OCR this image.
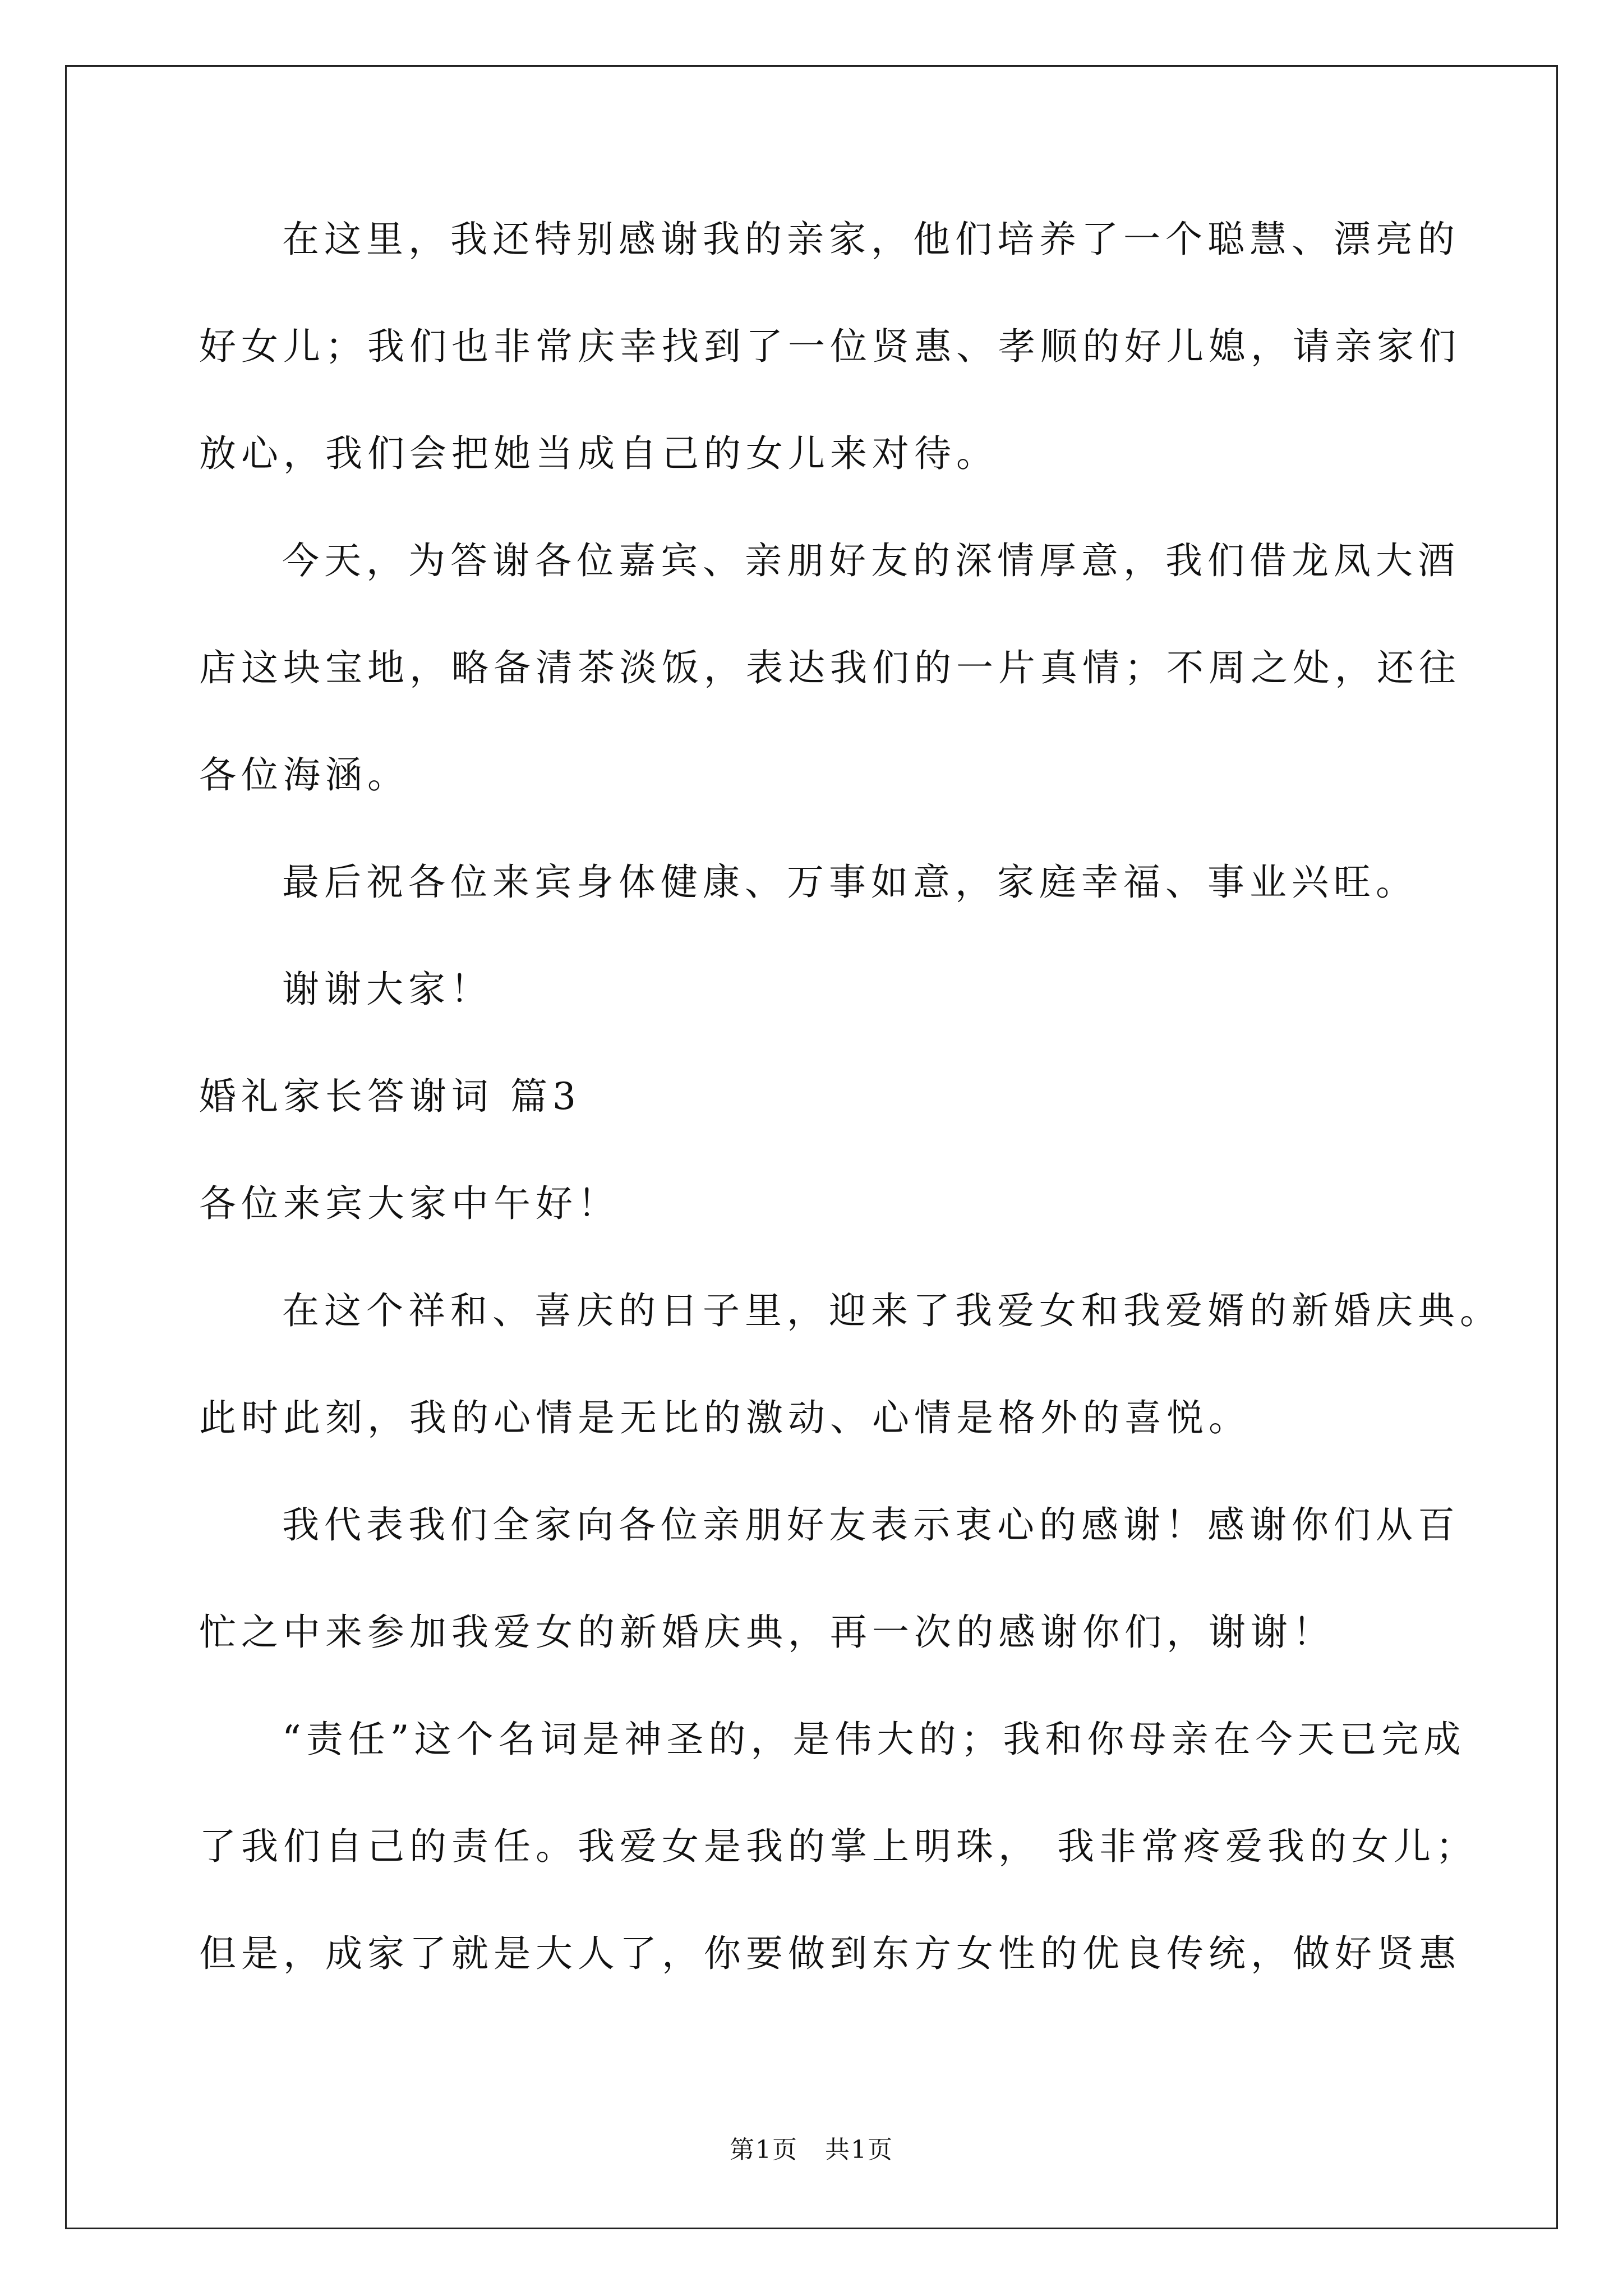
在这里，我还特别感谢我的亲家，他们培养了一个聪慧、漂亮的
好女儿；我们也非常庆幸找到了一位贤惠、孝顺的好儿媳，请亲家们
放心，我们会把她当成自己的女儿来对待。
今天，为答谢各位嘉宾、亲朋好友的深情厚意，我们借龙凤大酒
店这块宝地，略备清茶淡饭，表达我们的一片真情；不周之处，还往
各位海涵。
最后祝各位来宾身体健康、万事如意，家庭幸福、事业兴旺。
谢谢大家！
婚礼家长答谢词 篇3
各位来宾大家中午好！
在这个祥和、喜庆的日子里，迎来了我爱女和我爱婿的新婚庆典。
此时此刻，我的心情是无比的激动、心情是格外的喜悦。
我代表我们全家向各位亲朋好友表示衷心的感谢！感谢你们从百
忙之中来参加我爱女的新婚庆典，再一次的感谢你们，谢谢！
“责任”这个名词是神圣的，是伟大的；我和你母亲在今天已完成
了我们自己的责任。我爱女是我的掌上明珠， 我非常疼爱我的女儿；
但是，成家了就是大人了，你要做到东方女性的优良传统，做好贤惠
第1页 共1页
